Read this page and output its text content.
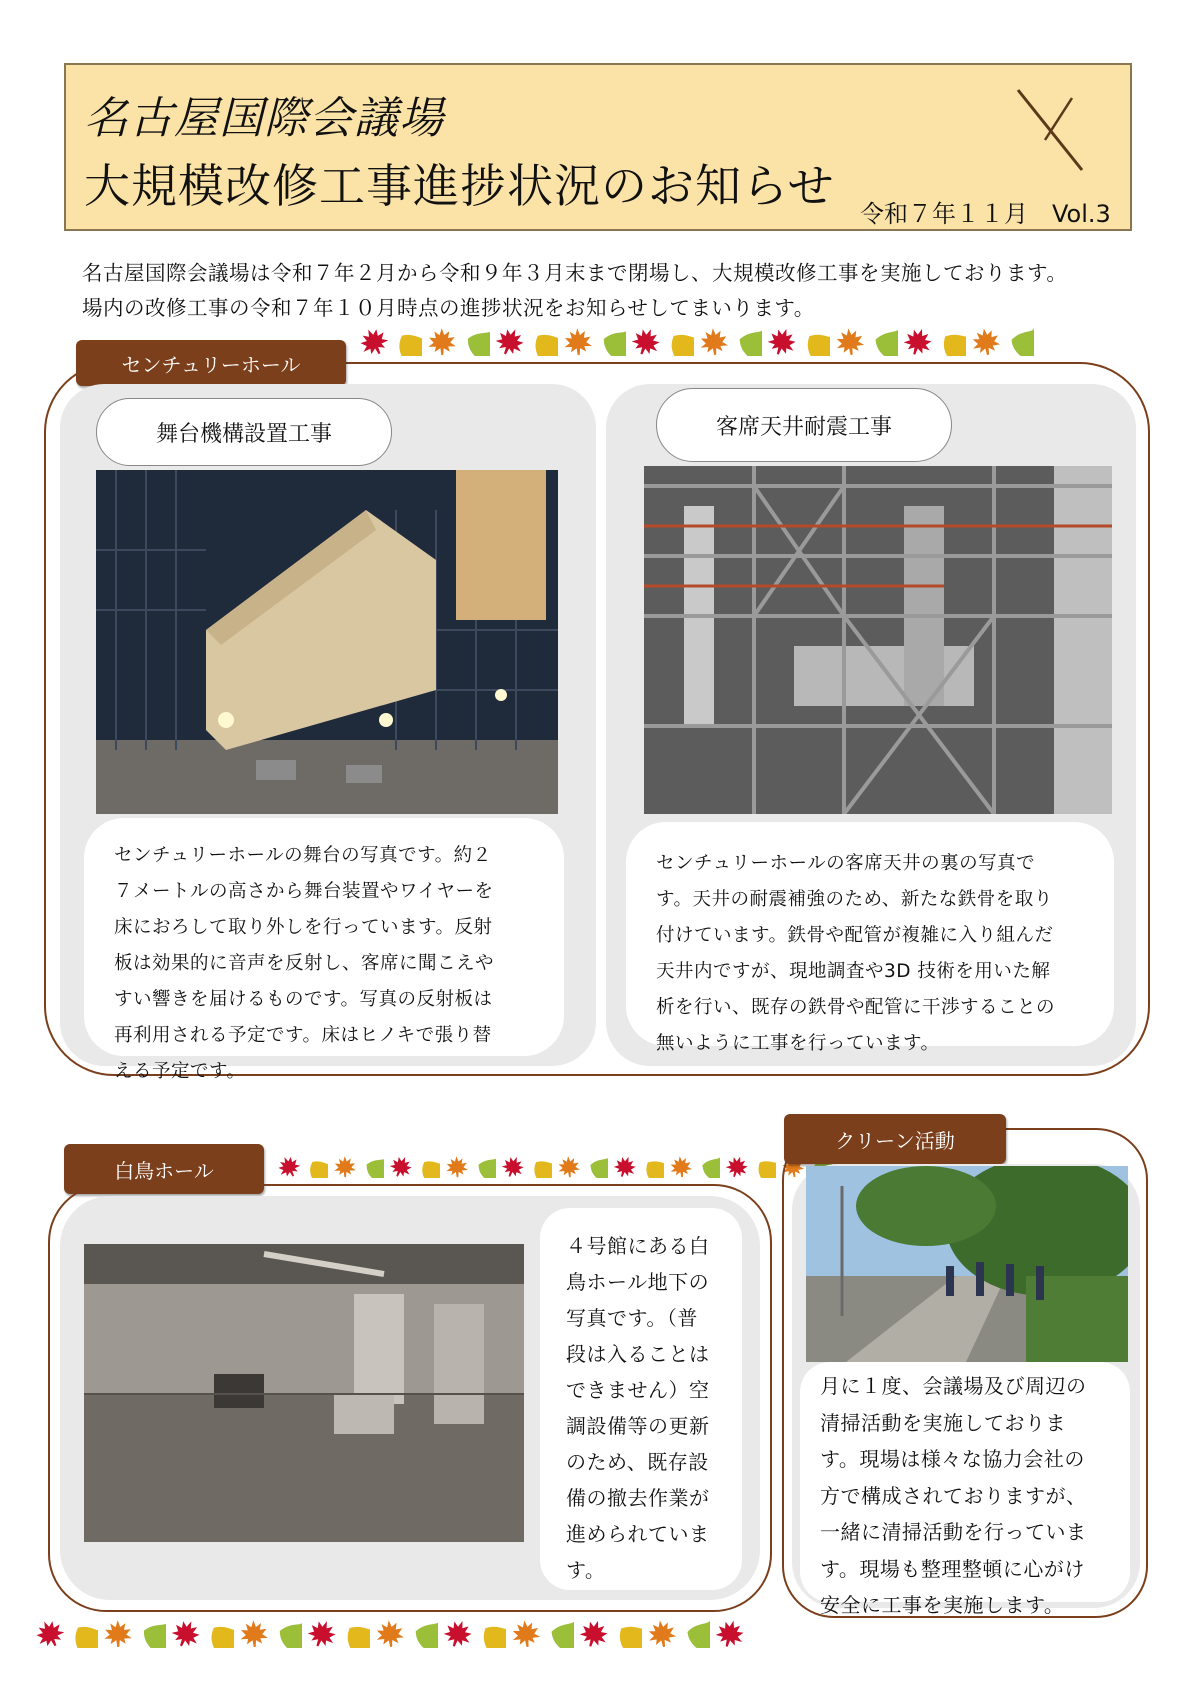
名古屋国際会議場
大規模改修工事進捗状況のお知らせ
令和７年１１月　Vol.3
名古屋国際会議場は令和７年２月から令和９年３月末まで閉場し、大規模改修工事を実施しております。
場内の改修工事の令和７年１０月時点の進捗状況をお知らせしてまいります。
センチュリーホール
舞台機構設置工事
センチュリーホールの舞台の写真です。約２
７メートルの高さから舞台装置やワイヤーを
床におろして取り外しを行っています。反射
板は効果的に音声を反射し、客席に聞こえや
すい響きを届けるものです。写真の反射板は
再利用される予定です。床はヒノキで張り替
える予定です。
客席天井耐震工事
センチュリーホールの客席天井の裏の写真で
す。天井の耐震補強のため、新たな鉄骨を取り
付けています。鉄骨や配管が複雑に入り組んだ
天井内ですが、現地調査や3D 技術を用いた解
析を行い、既存の鉄骨や配管に干渉することの
無いように工事を行っています。
白鳥ホール
４号館にある白
鳥ホール地下の
写真です。（普
段は入ることは
できません）空
調設備等の更新
のため、既存設
備の撤去作業が
進められていま
す。
クリーン活動
月に１度、会議場及び周辺の
清掃活動を実施しておりま
す。現場は様々な協力会社の
方で構成されておりますが、
一緒に清掃活動を行っていま
す。現場も整理整頓に心がけ
安全に工事を実施します。
